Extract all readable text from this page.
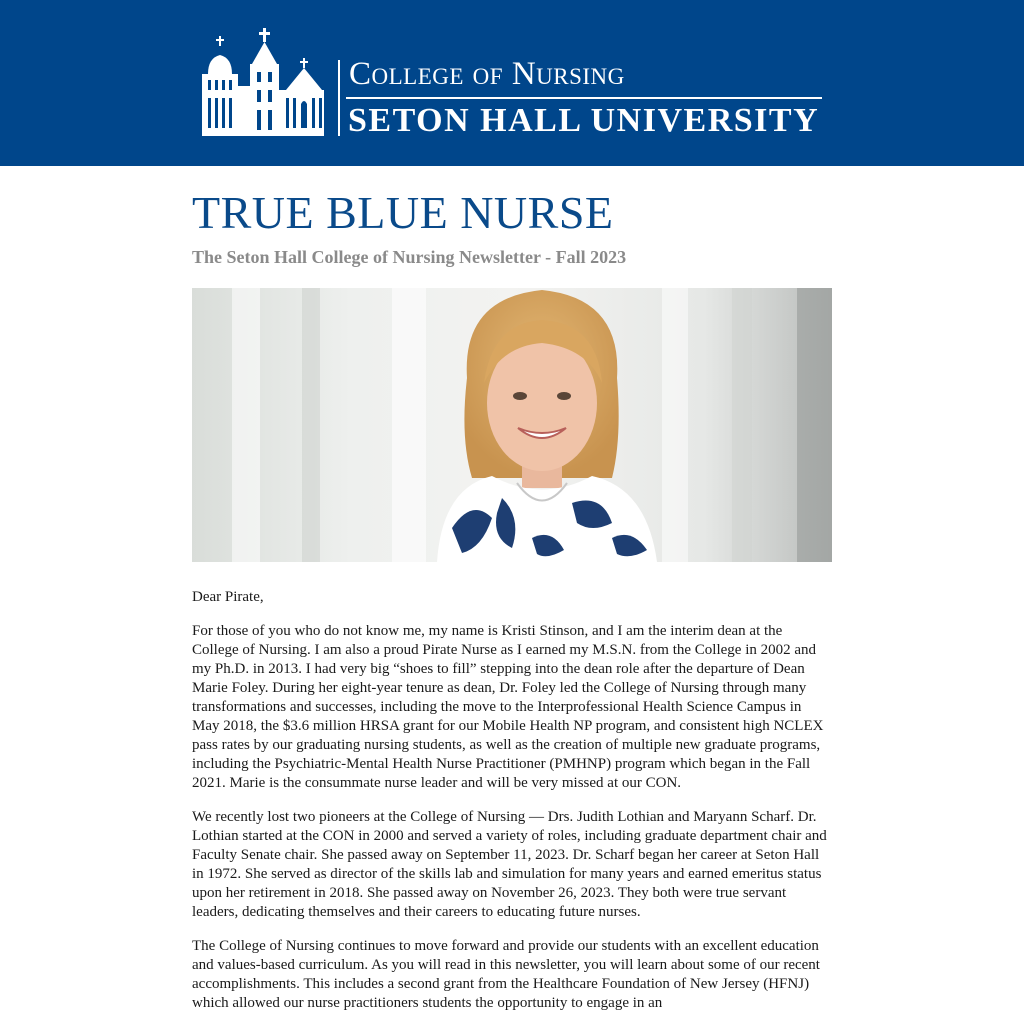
College of Nursing
SETON HALL UNIVERSITY
TRUE BLUE NURSE
The Seton Hall College of Nursing Newsletter - Fall 2023

Dear Pirate,

For those of you who do not know me, my name is Kristi Stinson, and I am the interim dean at the College of Nursing. I am also a proud Pirate Nurse as I earned my M.S.N. from the College in 2002 and my Ph.D. in 2013. I had very big “shoes to fill” stepping into the dean role after the departure of Dean Marie Foley. During her eight-year tenure as dean, Dr. Foley led the College of Nursing through many transformations and successes, including the move to the Interprofessional Health Science Campus in May 2018, the $3.6 million HRSA grant for our Mobile Health NP program, and consistent high NCLEX pass rates by our graduating nursing students, as well as the creation of multiple new graduate programs, including the Psychiatric-Mental Health Nurse Practitioner (PMHNP) program which began in the Fall 2021. Marie is the consummate nurse leader and will be very missed at our CON.

We recently lost two pioneers at the College of Nursing — Drs. Judith Lothian and Maryann Scharf. Dr. Lothian started at the CON in 2000 and served a variety of roles, including graduate department chair and Faculty Senate chair. She passed away on September 11, 2023. Dr. Scharf began her career at Seton Hall in 1972. She served as director of the skills lab and simulation for many years and earned emeritus status upon her retirement in 2018. She passed away on November 26, 2023. They both were true servant leaders, dedicating themselves and their careers to educating future nurses.

The College of Nursing continues to move forward and provide our students with an excellent education and values-based curriculum. As you will read in this newsletter, you will learn about some of our recent accomplishments. This includes a second grant from the Healthcare Foundation of New Jersey (HFNJ) which allowed our nurse practitioners students the opportunity to engage in an
